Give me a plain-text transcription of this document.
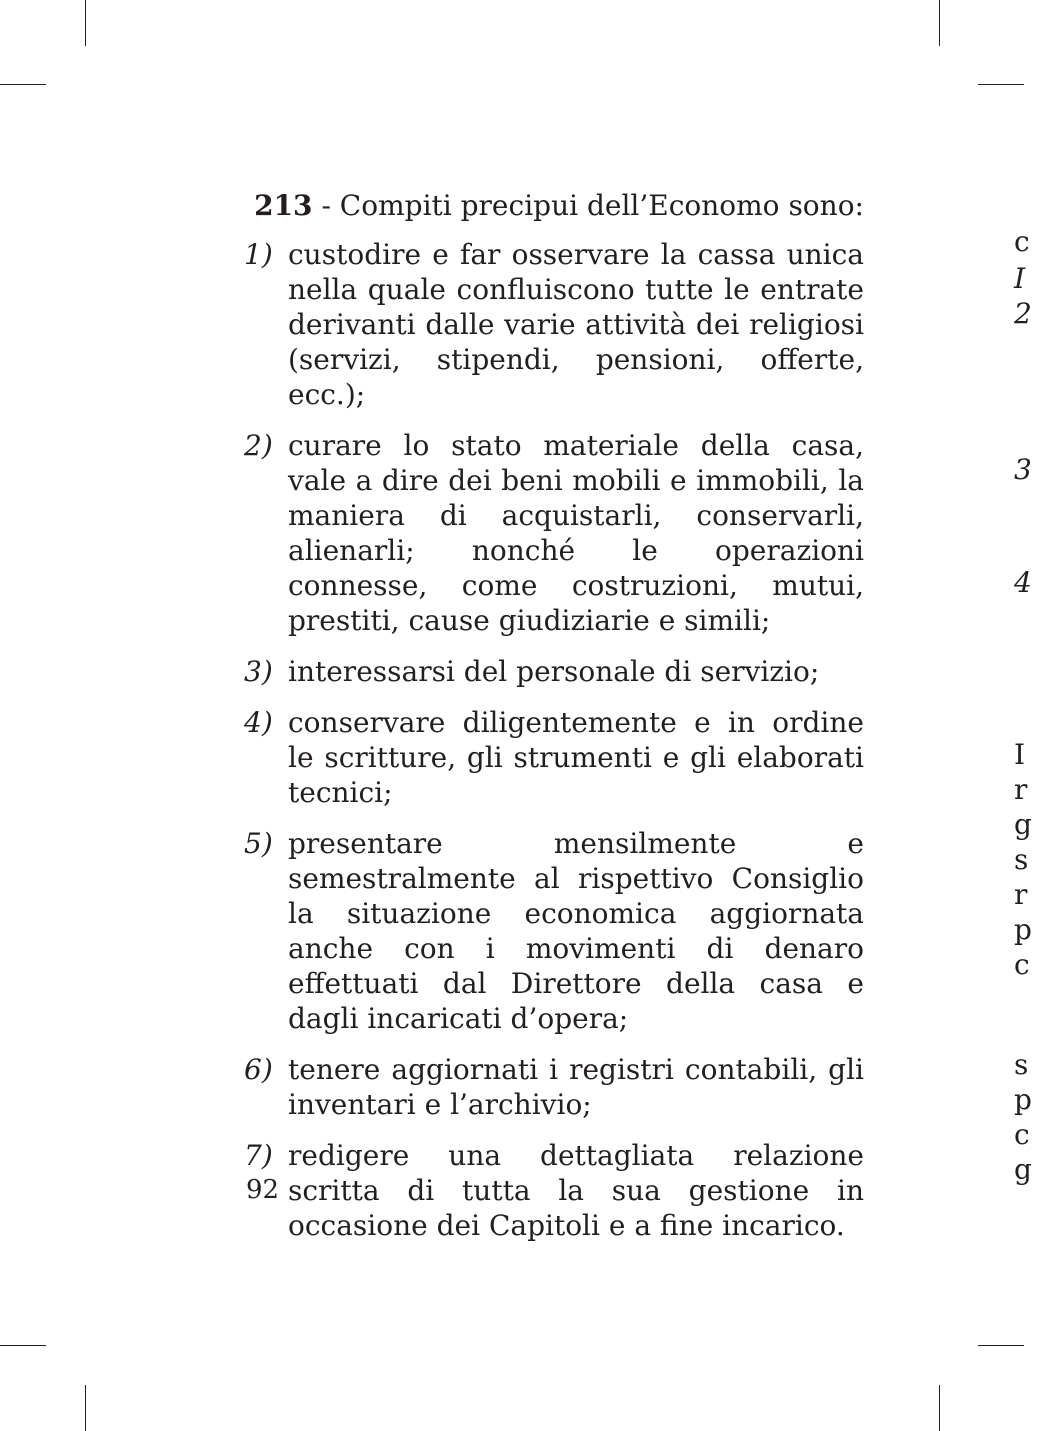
213 - Compiti precipui dell’Economo sono:

1) custodire e far osservare la cassa unica nella quale confluiscono tutte le entrate derivanti dalle varie attività dei religiosi (servizi, stipendi, pensioni, offerte, ecc.);
2) curare lo stato materiale della casa, vale a dire dei beni mobili e immobili, la maniera di acquistarli, conservarli, alienarli; nonché le operazioni connesse, come costruzioni, mutui, prestiti, cause giudiziarie e simili;
3) interessarsi del personale di servizio;
4) conservare diligentemente e in ordine le scritture, gli strumenti e gli elaborati tecnici;
5) presentare mensilmente e semestralmente al rispettivo Consiglio la situazione economica aggiornata anche con i movimenti di denaro effettuati dal Direttore della casa e dagli incaricati d’opera;
6) tenere aggiornati i registri contabili, gli inventari e l’archivio;
7) redigere una dettagliata relazione scritta di tutta la sua gestione in occasione dei Capitoli e a fine incarico.
92
c
I
2
3
4
I
r
g
s
r
p
c
s
p
c
g
